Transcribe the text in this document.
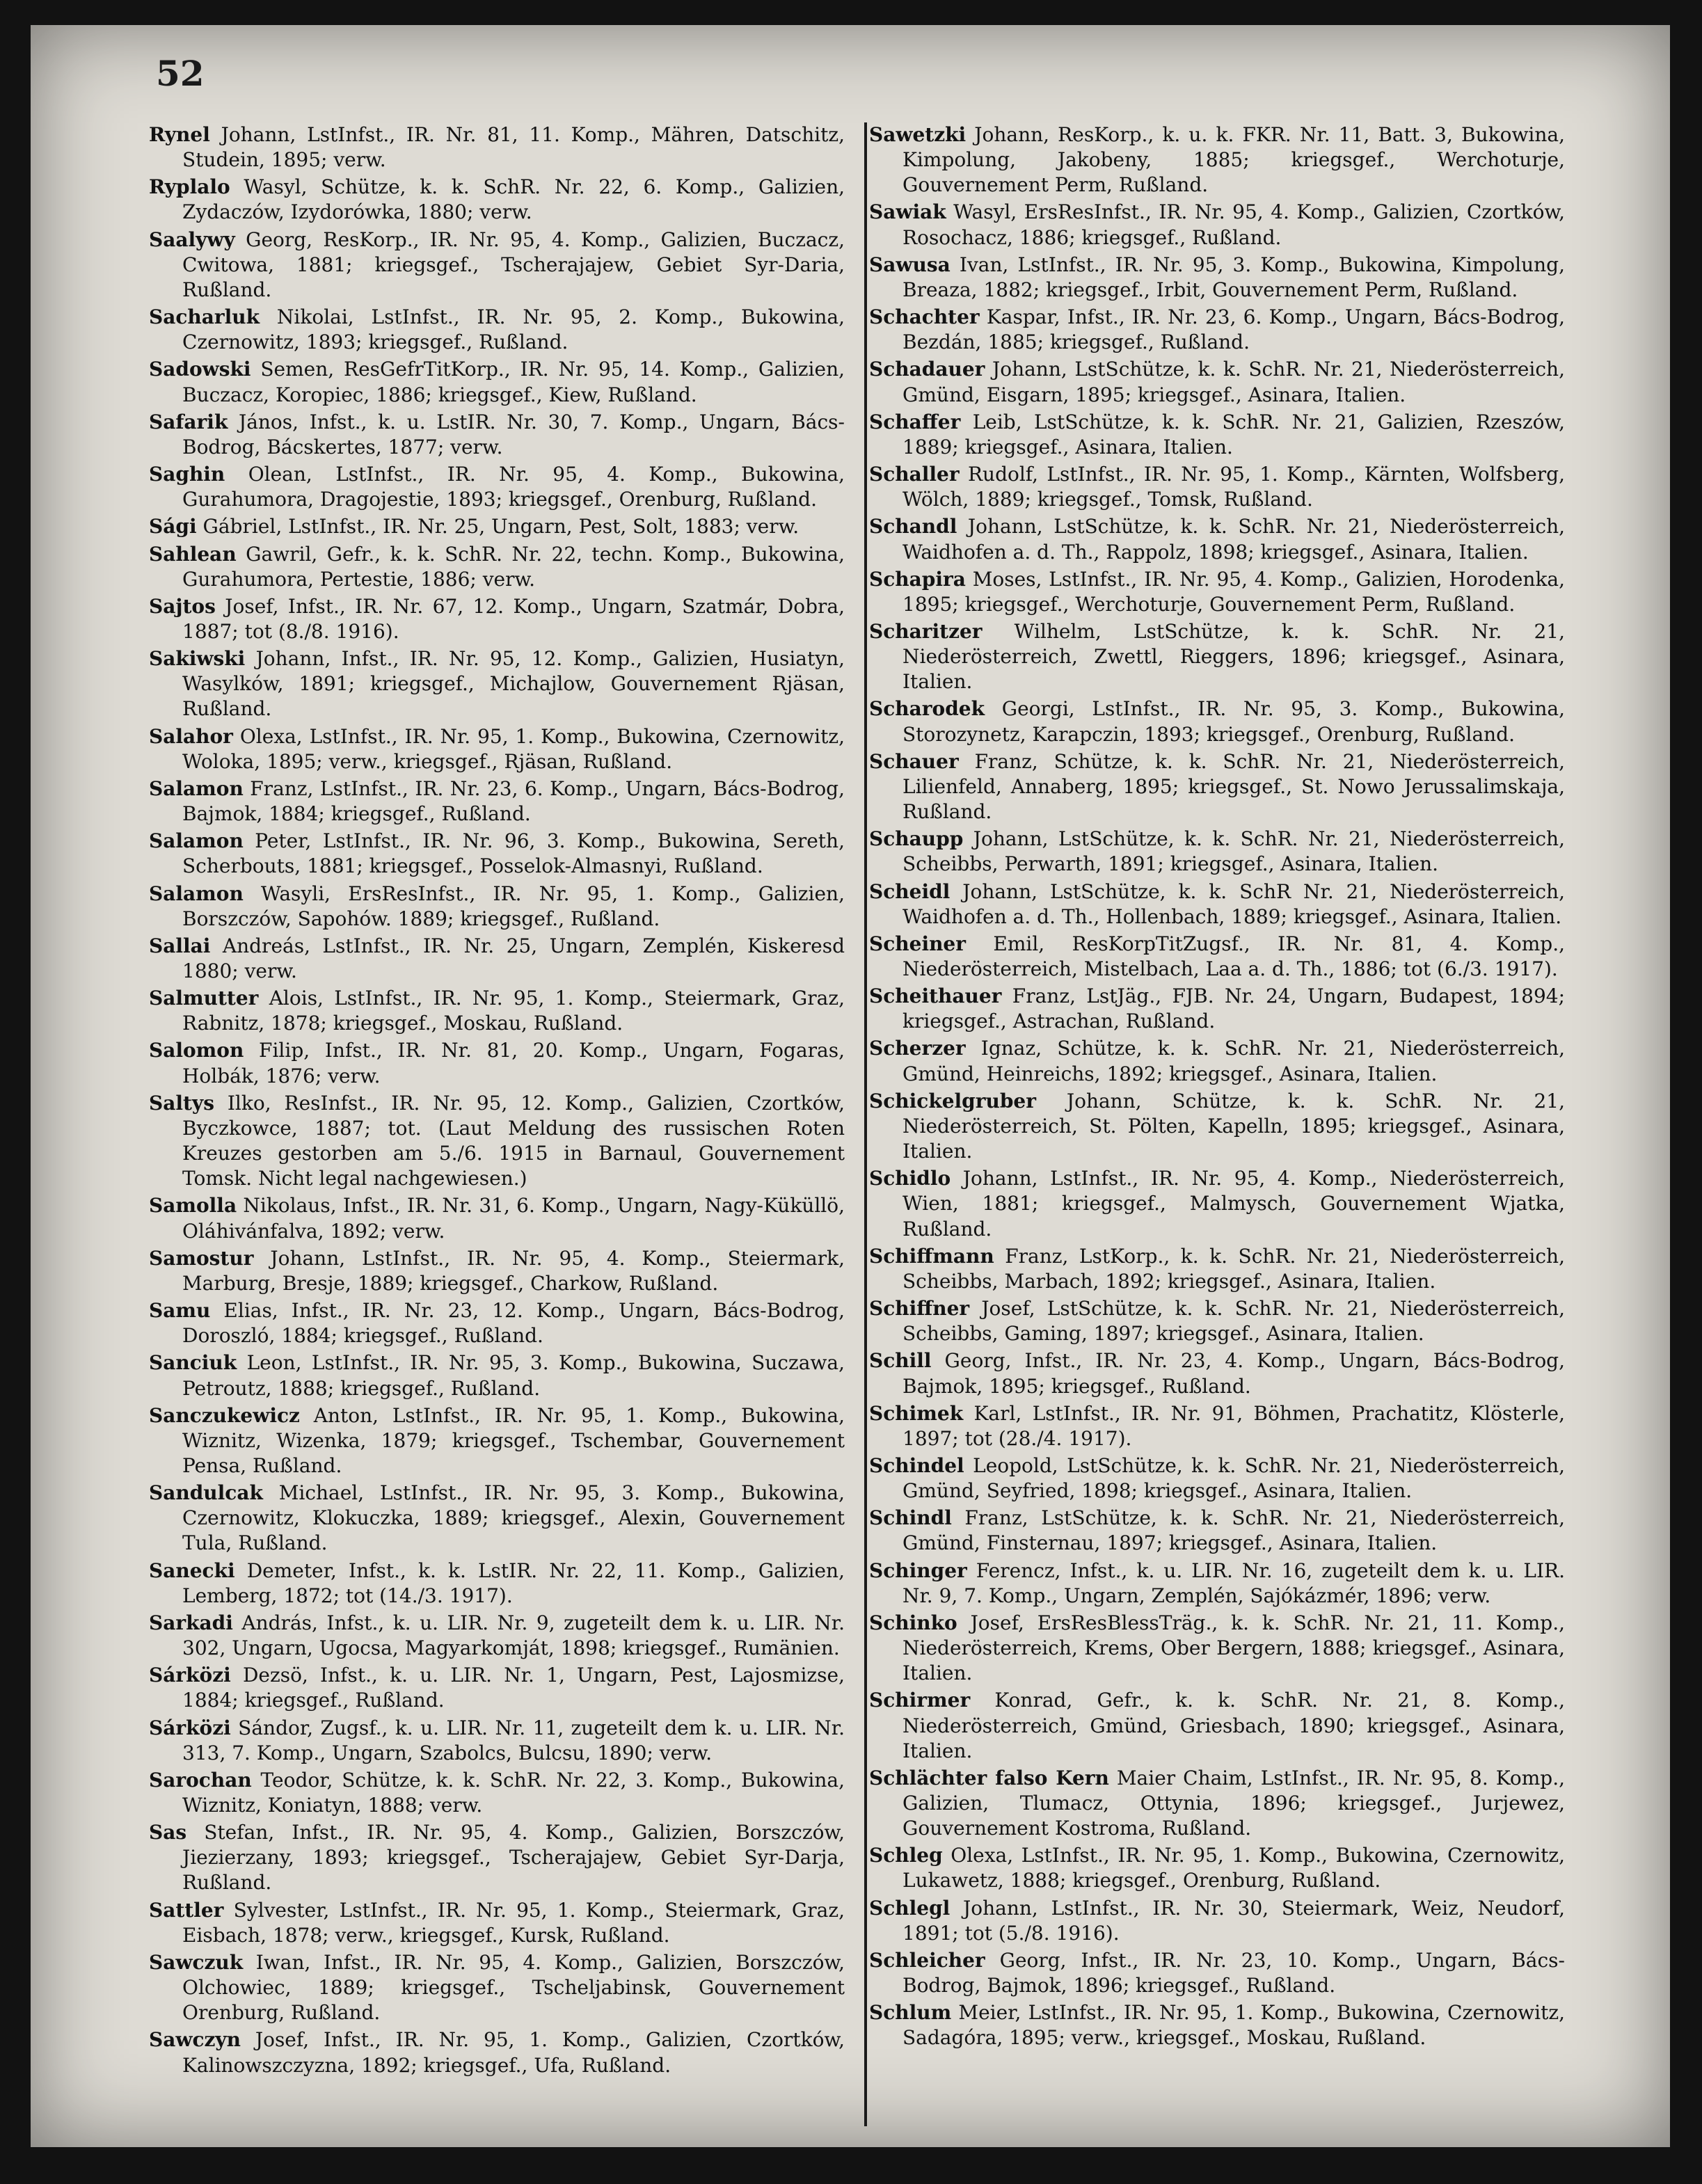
52
Rynel Johann, LstInfst., IR. Nr. 81, 11. Komp., Mähren, Datschitz, Studein, 1895; verw.
Ryplalo Wasyl, Schütze, k. k. SchR. Nr. 22, 6. Komp., Galizien, Zydaczów, Izydorówka, 1880; verw.
Saalywy Georg, ResKorp., IR. Nr. 95, 4. Komp., Galizien, Buczacz, Cwitowa, 1881; kriegsgef., Tscherajajew, Gebiet Syr-Daria, Rußland.
Sacharluk Nikolai, LstInfst., IR. Nr. 95, 2. Komp., Bukowina, Czernowitz, 1893; kriegsgef., Rußland.
Sadowski Semen, ResGefrTitKorp., IR. Nr. 95, 14. Komp., Galizien, Buczacz, Koropiec, 1886; kriegsgef., Kiew, Rußland.
Safarik János, Infst., k. u. LstIR. Nr. 30, 7. Komp., Ungarn, Bács-Bodrog, Bácskertes, 1877; verw.
Saghin Olean, LstInfst., IR. Nr. 95, 4. Komp., Bukowina, Gurahumora, Dragojestie, 1893; kriegsgef., Orenburg, Rußland.
Sági Gábriel, LstInfst., IR. Nr. 25, Ungarn, Pest, Solt, 1883; verw.
Sahlean Gawril, Gefr., k. k. SchR. Nr. 22, techn. Komp., Bukowina, Gurahumora, Pertestie, 1886; verw.
Sajtos Josef, Infst., IR. Nr. 67, 12. Komp., Ungarn, Szatmár, Dobra, 1887; tot (8./8. 1916).
Sakiwski Johann, Infst., IR. Nr. 95, 12. Komp., Galizien, Husiatyn, Wasylków, 1891; kriegsgef., Michajlow, Gouvernement Rjäsan, Rußland.
Salahor Olexa, LstInfst., IR. Nr. 95, 1. Komp., Bukowina, Czernowitz, Woloka, 1895; verw., kriegsgef., Rjäsan, Rußland.
Salamon Franz, LstInfst., IR. Nr. 23, 6. Komp., Ungarn, Bács-Bodrog, Bajmok, 1884; kriegsgef., Rußland.
Salamon Peter, LstInfst., IR. Nr. 96, 3. Komp., Bukowina, Sereth, Scherbouts, 1881; kriegsgef., Posselok-Almasnyi, Rußland.
Salamon Wasyli, ErsResInfst., IR. Nr. 95, 1. Komp., Galizien, Borszczów, Sapohów. 1889; kriegsgef., Rußland.
Sallai Andreás, LstInfst., IR. Nr. 25, Ungarn, Zemplén, Kiskeresd 1880; verw.
Salmutter Alois, LstInfst., IR. Nr. 95, 1. Komp., Steiermark, Graz, Rabnitz, 1878; kriegsgef., Moskau, Rußland.
Salomon Filip, Infst., IR. Nr. 81, 20. Komp., Ungarn, Fogaras, Holbák, 1876; verw.
Saltys Ilko, ResInfst., IR. Nr. 95, 12. Komp., Galizien, Czortków, Byczkowce, 1887; tot. (Laut Meldung des russischen Roten Kreuzes gestorben am 5./6. 1915 in Barnaul, Gouvernement Tomsk. Nicht legal nachgewiesen.)
Samolla Nikolaus, Infst., IR. Nr. 31, 6. Komp., Ungarn, Nagy-Küküllö, Oláhivánfalva, 1892; verw.
Samostur Johann, LstInfst., IR. Nr. 95, 4. Komp., Steiermark, Marburg, Bresje, 1889; kriegsgef., Charkow, Rußland.
Samu Elias, Infst., IR. Nr. 23, 12. Komp., Ungarn, Bács-Bodrog, Doroszló, 1884; kriegsgef., Rußland.
Sanciuk Leon, LstInfst., IR. Nr. 95, 3. Komp., Bukowina, Suczawa, Petroutz, 1888; kriegsgef., Rußland.
Sanczukewicz Anton, LstInfst., IR. Nr. 95, 1. Komp., Bukowina, Wiznitz, Wizenka, 1879; kriegsgef., Tschembar, Gouvernement Pensa, Rußland.
Sandulcak Michael, LstInfst., IR. Nr. 95, 3. Komp., Bukowina, Czernowitz, Klokuczka, 1889; kriegsgef., Alexin, Gouvernement Tula, Rußland.
Sanecki Demeter, Infst., k. k. LstIR. Nr. 22, 11. Komp., Galizien, Lemberg, 1872; tot (14./3. 1917).
Sarkadi András, Infst., k. u. LIR. Nr. 9, zugeteilt dem k. u. LIR. Nr. 302, Ungarn, Ugocsa, Magyarkomját, 1898; kriegsgef., Rumänien.
Sárközi Dezsö, Infst., k. u. LIR. Nr. 1, Ungarn, Pest, Lajosmizse, 1884; kriegsgef., Rußland.
Sárközi Sándor, Zugsf., k. u. LIR. Nr. 11, zugeteilt dem k. u. LIR. Nr. 313, 7. Komp., Ungarn, Szabolcs, Bulcsu, 1890; verw.
Sarochan Teodor, Schütze, k. k. SchR. Nr. 22, 3. Komp., Bukowina, Wiznitz, Koniatyn, 1888; verw.
Sas Stefan, Infst., IR. Nr. 95, 4. Komp., Galizien, Borszczów, Jiezierzany, 1893; kriegsgef., Tscherajajew, Gebiet Syr-Darja, Rußland.
Sattler Sylvester, LstInfst., IR. Nr. 95, 1. Komp., Steiermark, Graz, Eisbach, 1878; verw., kriegsgef., Kursk, Rußland.
Sawczuk Iwan, Infst., IR. Nr. 95, 4. Komp., Galizien, Borszczów, Olchowiec, 1889; kriegsgef., Tscheljabinsk, Gouvernement Orenburg, Rußland.
Sawczyn Josef, Infst., IR. Nr. 95, 1. Komp., Galizien, Czortków, Kalinowszczyzna, 1892; kriegsgef., Ufa, Rußland.
Sawetzki Johann, ResKorp., k. u. k. FKR. Nr. 11, Batt. 3, Bukowina, Kimpolung, Jakobeny, 1885; kriegsgef., Werchoturje, Gouvernement Perm, Rußland.
Sawiak Wasyl, ErsResInfst., IR. Nr. 95, 4. Komp., Galizien, Czortków, Rosochacz, 1886; kriegsgef., Rußland.
Sawusa Ivan, LstInfst., IR. Nr. 95, 3. Komp., Bukowina, Kimpolung, Breaza, 1882; kriegsgef., Irbit, Gouvernement Perm, Rußland.
Schachter Kaspar, Infst., IR. Nr. 23, 6. Komp., Ungarn, Bács-Bodrog, Bezdán, 1885; kriegsgef., Rußland.
Schadauer Johann, LstSchütze, k. k. SchR. Nr. 21, Niederösterreich, Gmünd, Eisgarn, 1895; kriegsgef., Asinara, Italien.
Schaffer Leib, LstSchütze, k. k. SchR. Nr. 21, Galizien, Rzeszów, 1889; kriegsgef., Asinara, Italien.
Schaller Rudolf, LstInfst., IR. Nr. 95, 1. Komp., Kärnten, Wolfsberg, Wölch, 1889; kriegsgef., Tomsk, Rußland.
Schandl Johann, LstSchütze, k. k. SchR. Nr. 21, Niederösterreich, Waidhofen a. d. Th., Rappolz, 1898; kriegsgef., Asinara, Italien.
Schapira Moses, LstInfst., IR. Nr. 95, 4. Komp., Galizien, Horodenka, 1895; kriegsgef., Werchoturje, Gouvernement Perm, Rußland.
Scharitzer Wilhelm, LstSchütze, k. k. SchR. Nr. 21, Niederösterreich, Zwettl, Rieggers, 1896; kriegsgef., Asinara, Italien.
Scharodek Georgi, LstInfst., IR. Nr. 95, 3. Komp., Bukowina, Storozynetz, Karapczin, 1893; kriegsgef., Orenburg, Rußland.
Schauer Franz, Schütze, k. k. SchR. Nr. 21, Niederösterreich, Lilienfeld, Annaberg, 1895; kriegsgef., St. Nowo Jerussalimskaja, Rußland.
Schaupp Johann, LstSchütze, k. k. SchR. Nr. 21, Niederösterreich, Scheibbs, Perwarth, 1891; kriegsgef., Asinara, Italien.
Scheidl Johann, LstSchütze, k. k. SchR Nr. 21, Niederösterreich, Waidhofen a. d. Th., Hollenbach, 1889; kriegsgef., Asinara, Italien.
Scheiner Emil, ResKorpTitZugsf., IR. Nr. 81, 4. Komp., Niederösterreich, Mistelbach, Laa a. d. Th., 1886; tot (6./3. 1917).
Scheithauer Franz, LstJäg., FJB. Nr. 24, Ungarn, Budapest, 1894; kriegsgef., Astrachan, Rußland.
Scherzer Ignaz, Schütze, k. k. SchR. Nr. 21, Niederösterreich, Gmünd, Heinreichs, 1892; kriegsgef., Asinara, Italien.
Schickelgruber Johann, Schütze, k. k. SchR. Nr. 21, Niederösterreich, St. Pölten, Kapelln, 1895; kriegsgef., Asinara, Italien.
Schidlo Johann, LstInfst., IR. Nr. 95, 4. Komp., Niederösterreich, Wien, 1881; kriegsgef., Malmysch, Gouvernement Wjatka, Rußland.
Schiffmann Franz, LstKorp., k. k. SchR. Nr. 21, Niederösterreich, Scheibbs, Marbach, 1892; kriegsgef., Asinara, Italien.
Schiffner Josef, LstSchütze, k. k. SchR. Nr. 21, Niederösterreich, Scheibbs, Gaming, 1897; kriegsgef., Asinara, Italien.
Schill Georg, Infst., IR. Nr. 23, 4. Komp., Ungarn, Bács-Bodrog, Bajmok, 1895; kriegsgef., Rußland.
Schimek Karl, LstInfst., IR. Nr. 91, Böhmen, Prachatitz, Klösterle, 1897; tot (28./4. 1917).
Schindel Leopold, LstSchütze, k. k. SchR. Nr. 21, Niederösterreich, Gmünd, Seyfried, 1898; kriegsgef., Asinara, Italien.
Schindl Franz, LstSchütze, k. k. SchR. Nr. 21, Niederösterreich, Gmünd, Finsternau, 1897; kriegsgef., Asinara, Italien.
Schinger Ferencz, Infst., k. u. LIR. Nr. 16, zugeteilt dem k. u. LIR. Nr. 9, 7. Komp., Ungarn, Zemplén, Sajókázmér, 1896; verw.
Schinko Josef, ErsResBlessTräg., k. k. SchR. Nr. 21, 11. Komp., Niederösterreich, Krems, Ober Bergern, 1888; kriegsgef., Asinara, Italien.
Schirmer Konrad, Gefr., k. k. SchR. Nr. 21, 8. Komp., Niederösterreich, Gmünd, Griesbach, 1890; kriegsgef., Asinara, Italien.
Schlächter falso Kern Maier Chaim, LstInfst., IR. Nr. 95, 8. Komp., Galizien, Tlumacz, Ottynia, 1896; kriegsgef., Jurjewez, Gouvernement Kostroma, Rußland.
Schleg Olexa, LstInfst., IR. Nr. 95, 1. Komp., Bukowina, Czernowitz, Lukawetz, 1888; kriegsgef., Orenburg, Rußland.
Schlegl Johann, LstInfst., IR. Nr. 30, Steiermark, Weiz, Neudorf, 1891; tot (5./8. 1916).
Schleicher Georg, Infst., IR. Nr. 23, 10. Komp., Ungarn, Bács-Bodrog, Bajmok, 1896; kriegsgef., Rußland.
Schlum Meier, LstInfst., IR. Nr. 95, 1. Komp., Bukowina, Czernowitz, Sadagóra, 1895; verw., kriegsgef., Moskau, Rußland.
